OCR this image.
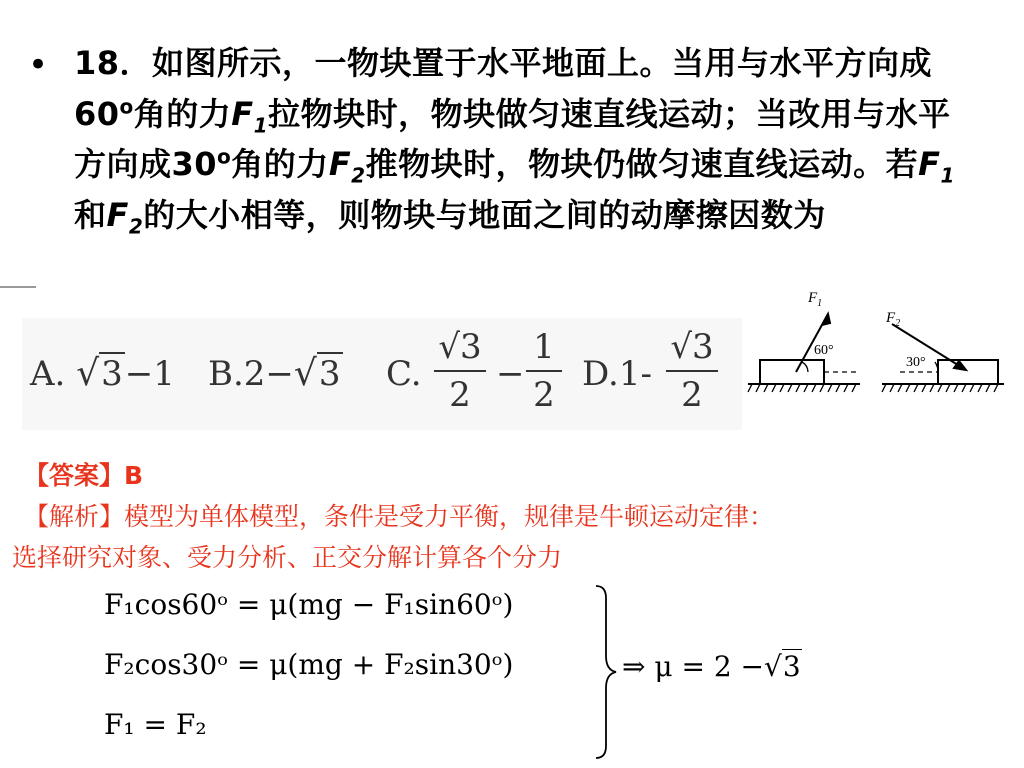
• 18．如图所示，一物块置于水平地面上。当用与水平方向成60$^o$角的力$F_1$拉物块时，物块做匀速直线运动；当改用与水平方向成30$^o$角的力$F_2$推物块时，物块仍做匀速直线运动。若$F_1$和$F_2$的大小相等，则物块与地面之间的动摩擦因数为
A. √3−1 B.2−√3 C.
√3
2
−
1
2
D.1-
√3
2
$F_1$
60°
$F_2$
30°
【答案】B
【解析】模型为单体模型，条件是受力平衡，规律是牛顿运动定律：
选择研究对象、受力分析、正交分解计算各个分力
F₁cos60ᵒ = μ(mg − F₁sin60ᵒ)
F₂cos30ᵒ = μ(mg + F₂sin30ᵒ)
F₁ = F₂
⇒ μ = 2 −√3
